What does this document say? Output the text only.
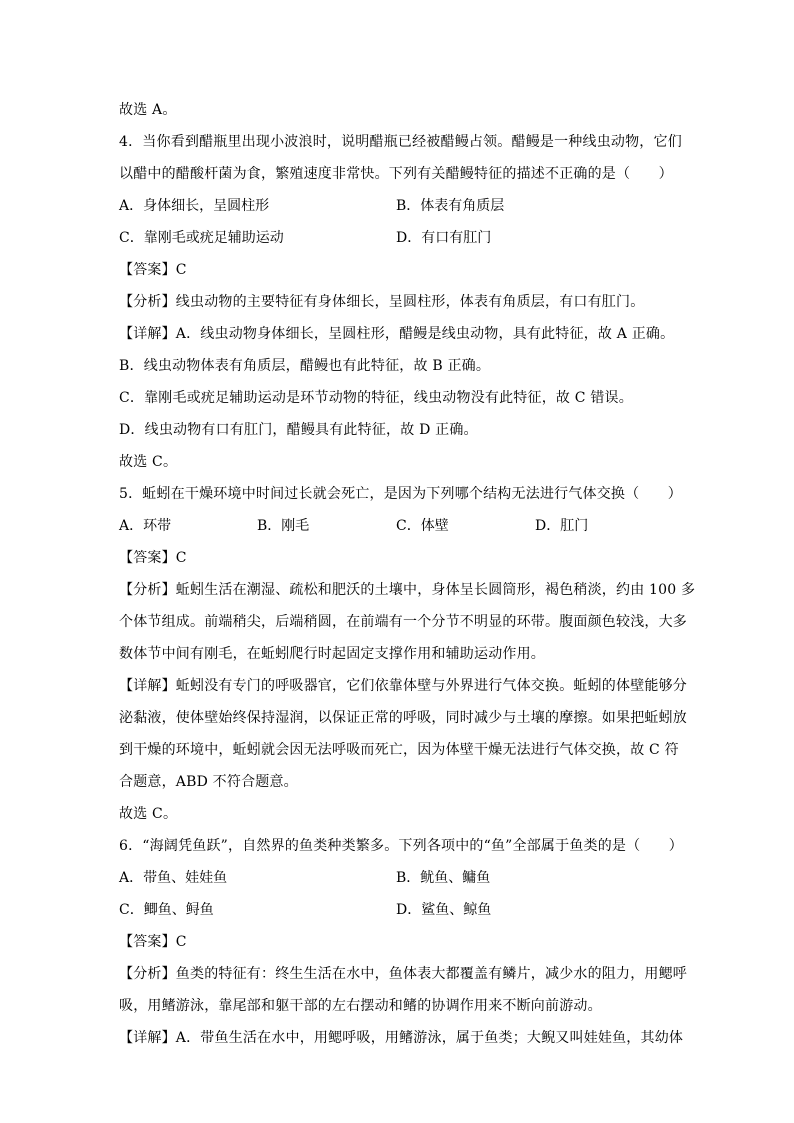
故选 A。
4．当你看到醋瓶里出现小波浪时，说明醋瓶已经被醋鳗占领。醋鳗是一种线虫动物，它们
以醋中的醋酸杆菌为食，繁殖速度非常快。下列有关醋鳗特征的描述不正确的是（　　）
A．身体细长，呈圆柱形	B．体表有角质层
C．靠刚毛或疣足辅助运动	D．有口有肛门
【答案】C
【分析】线虫动物的主要特征有身体细长，呈圆柱形，体表有角质层，有口有肛门。
【详解】A．线虫动物身体细长，呈圆柱形，醋鳗是线虫动物，具有此特征，故 A 正确。
B．线虫动物体表有角质层，醋鳗也有此特征，故 B 正确。
C．靠刚毛或疣足辅助运动是环节动物的特征，线虫动物没有此特征，故 C 错误。
D．线虫动物有口有肛门，醋鳗具有此特征，故 D 正确。
故选 C。
5．蚯蚓在干燥环境中时间过长就会死亡，是因为下列哪个结构无法进行气体交换（　　）
A．环带	B．刚毛	C．体壁	D．肛门
【答案】C
【分析】蚯蚓生活在潮湿、疏松和肥沃的土壤中，身体呈长圆筒形，褐色稍淡，约由 100 多
个体节组成。前端稍尖，后端稍圆，在前端有一个分节不明显的环带。腹面颜色较浅，大多
数体节中间有刚毛，在蚯蚓爬行时起固定支撑作用和辅助运动作用。
【详解】蚯蚓没有专门的呼吸器官，它们依靠体壁与外界进行气体交换。蚯蚓的体壁能够分
泌黏液，使体壁始终保持湿润，以保证正常的呼吸，同时减少与土壤的摩擦。如果把蚯蚓放
到干燥的环境中，蚯蚓就会因无法呼吸而死亡，因为体壁干燥无法进行气体交换，故 C 符
合题意，ABD 不符合题意。
故选 C。
6．“海阔凭鱼跃”，自然界的鱼类种类繁多。下列各项中的“鱼”全部属于鱼类的是（　　）
A．带鱼、娃娃鱼	B．鱿鱼、鳙鱼
C．鲫鱼、鲟鱼	D．鲨鱼、鲸鱼
【答案】C
【分析】鱼类的特征有：终生生活在水中，鱼体表大都覆盖有鳞片，减少水的阻力，用鳃呼
吸，用鳍游泳，靠尾部和躯干部的左右摆动和鳍的协调作用来不断向前游动。
【详解】A．带鱼生活在水中，用鳃呼吸，用鳍游泳，属于鱼类；大鲵又叫娃娃鱼，其幼体
